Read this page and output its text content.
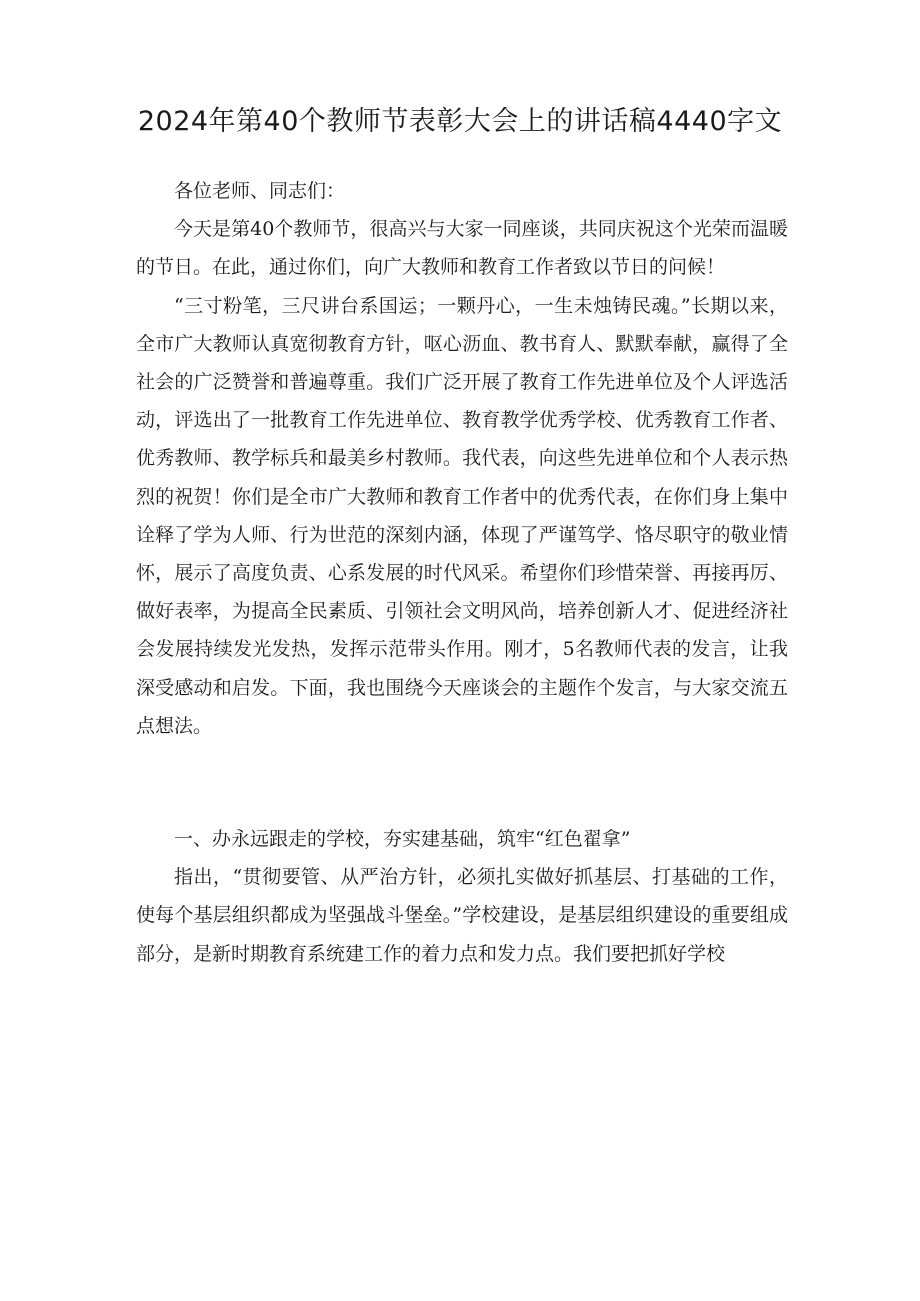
2024年第40个教师节表彰大会上的讲话稿4440字文

各位老师、同志们：

今天是第40个教师节，很高兴与大家一同座谈，共同庆祝这个光荣而温暖的节日。在此，通过你们，向广大教师和教育工作者致以节日的问候！

“三寸粉笔，三尺讲台系国运；一颗丹心，一生未烛铸民魂。”长期以来，全市广大教师认真宽彻教育方针，呕心沥血、教书育人、默默奉献，赢得了全社会的广泛赞誉和普遍尊重。我们广泛开展了教育工作先进单位及个人评选活动，评选出了一批教育工作先进单位、教育教学优秀学校、优秀教育工作者、优秀教师、教学标兵和最美乡村教师。我代表，向这些先进单位和个人表示热烈的祝贺！你们是全市广大教师和教育工作者中的优秀代表，在你们身上集中诠释了学为人师、行为世范的深刻内涵，体现了严谨笃学、恪尽职守的敬业情怀，展示了高度负责、心系发展的时代风采。希望你们珍惜荣誉、再接再厉、做好表率，为提高全民素质、引领社会文明风尚，培养创新人才、促进经济社会发展持续发光发热，发挥示范带头作用。刚才，5名教师代表的发言，让我深受感动和启发。下面，我也围绕今天座谈会的主题作个发言，与大家交流五点想法。

一、办永远跟走的学校，夯实建基础，筑牢“红色翟拿”

指出，“贯彻要管、从严治方针，必须扎实做好抓基层、打基础的工作，使每个基层组织都成为坚强战斗堡垒。”学校建设，是基层组织建设的重要组成部分，是新时期教育系统建工作的着力点和发力点。我们要把抓好学校
